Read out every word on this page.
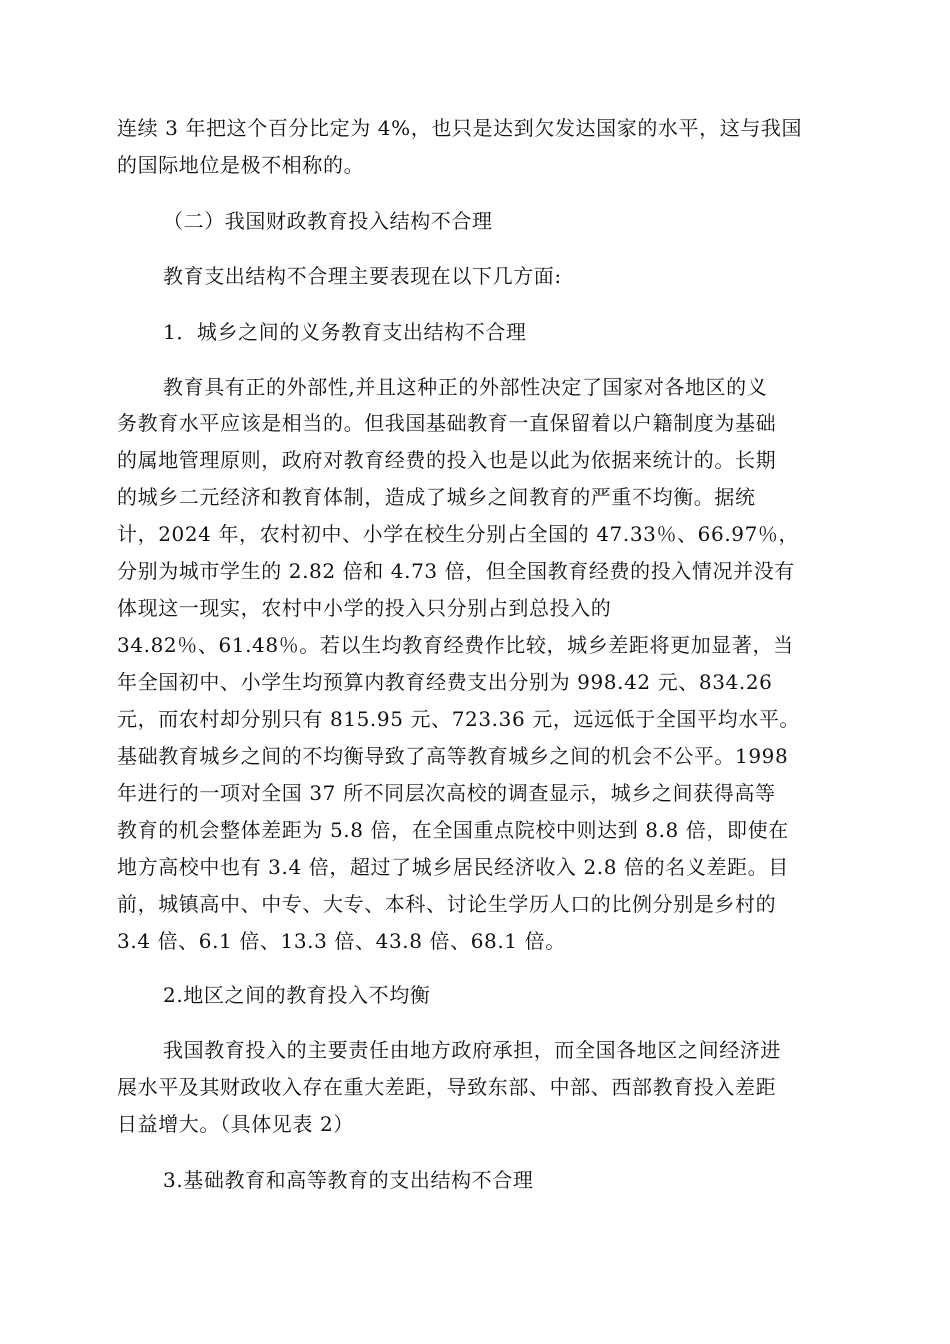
连续 3 年把这个百分比定为 4%，也只是达到欠发达国家的水平，这与我国
的国际地位是极不相称的。
（二）我国财政教育投入结构不合理
教育支出结构不合理主要表现在以下几方面:
1．城乡之间的义务教育支出结构不合理
教育具有正的外部性,并且这种正的外部性决定了国家对各地区的义
务教育水平应该是相当的。但我国基础教育一直保留着以户籍制度为基础
的属地管理原则，政府对教育经费的投入也是以此为依据来统计的。长期
的城乡二元经济和教育体制，造成了城乡之间教育的严重不均衡。据统
计，2024 年，农村初中、小学在校生分别占全国的 47.33％、66.97％，
分别为城市学生的 2.82 倍和 4.73 倍，但全国教育经费的投入情况并没有
体现这一现实，农村中小学的投入只分别占到总投入的
34.82％、61.48％。若以生均教育经费作比较，城乡差距将更加显著，当
年全国初中、小学生均预算内教育经费支出分别为 998.42 元、834.26
元，而农村却分别只有 815.95 元、723.36 元，远远低于全国平均水平。
基础教育城乡之间的不均衡导致了高等教育城乡之间的机会不公平。1998
年进行的一项对全国 37 所不同层次高校的调查显示，城乡之间获得高等
教育的机会整体差距为 5.8 倍，在全国重点院校中则达到 8.8 倍，即使在
地方高校中也有 3.4 倍，超过了城乡居民经济收入 2.8 倍的名义差距。目
前，城镇高中、中专、大专、本科、讨论生学历人口的比例分别是乡村的
3.4 倍、6.1 倍、13.3 倍、43.8 倍、68.1 倍。
2.地区之间的教育投入不均衡
我国教育投入的主要责任由地方政府承担，而全国各地区之间经济进
展水平及其财政收入存在重大差距，导致东部、中部、西部教育投入差距
日益增大。（具体见表 2）
3.基础教育和高等教育的支出结构不合理
